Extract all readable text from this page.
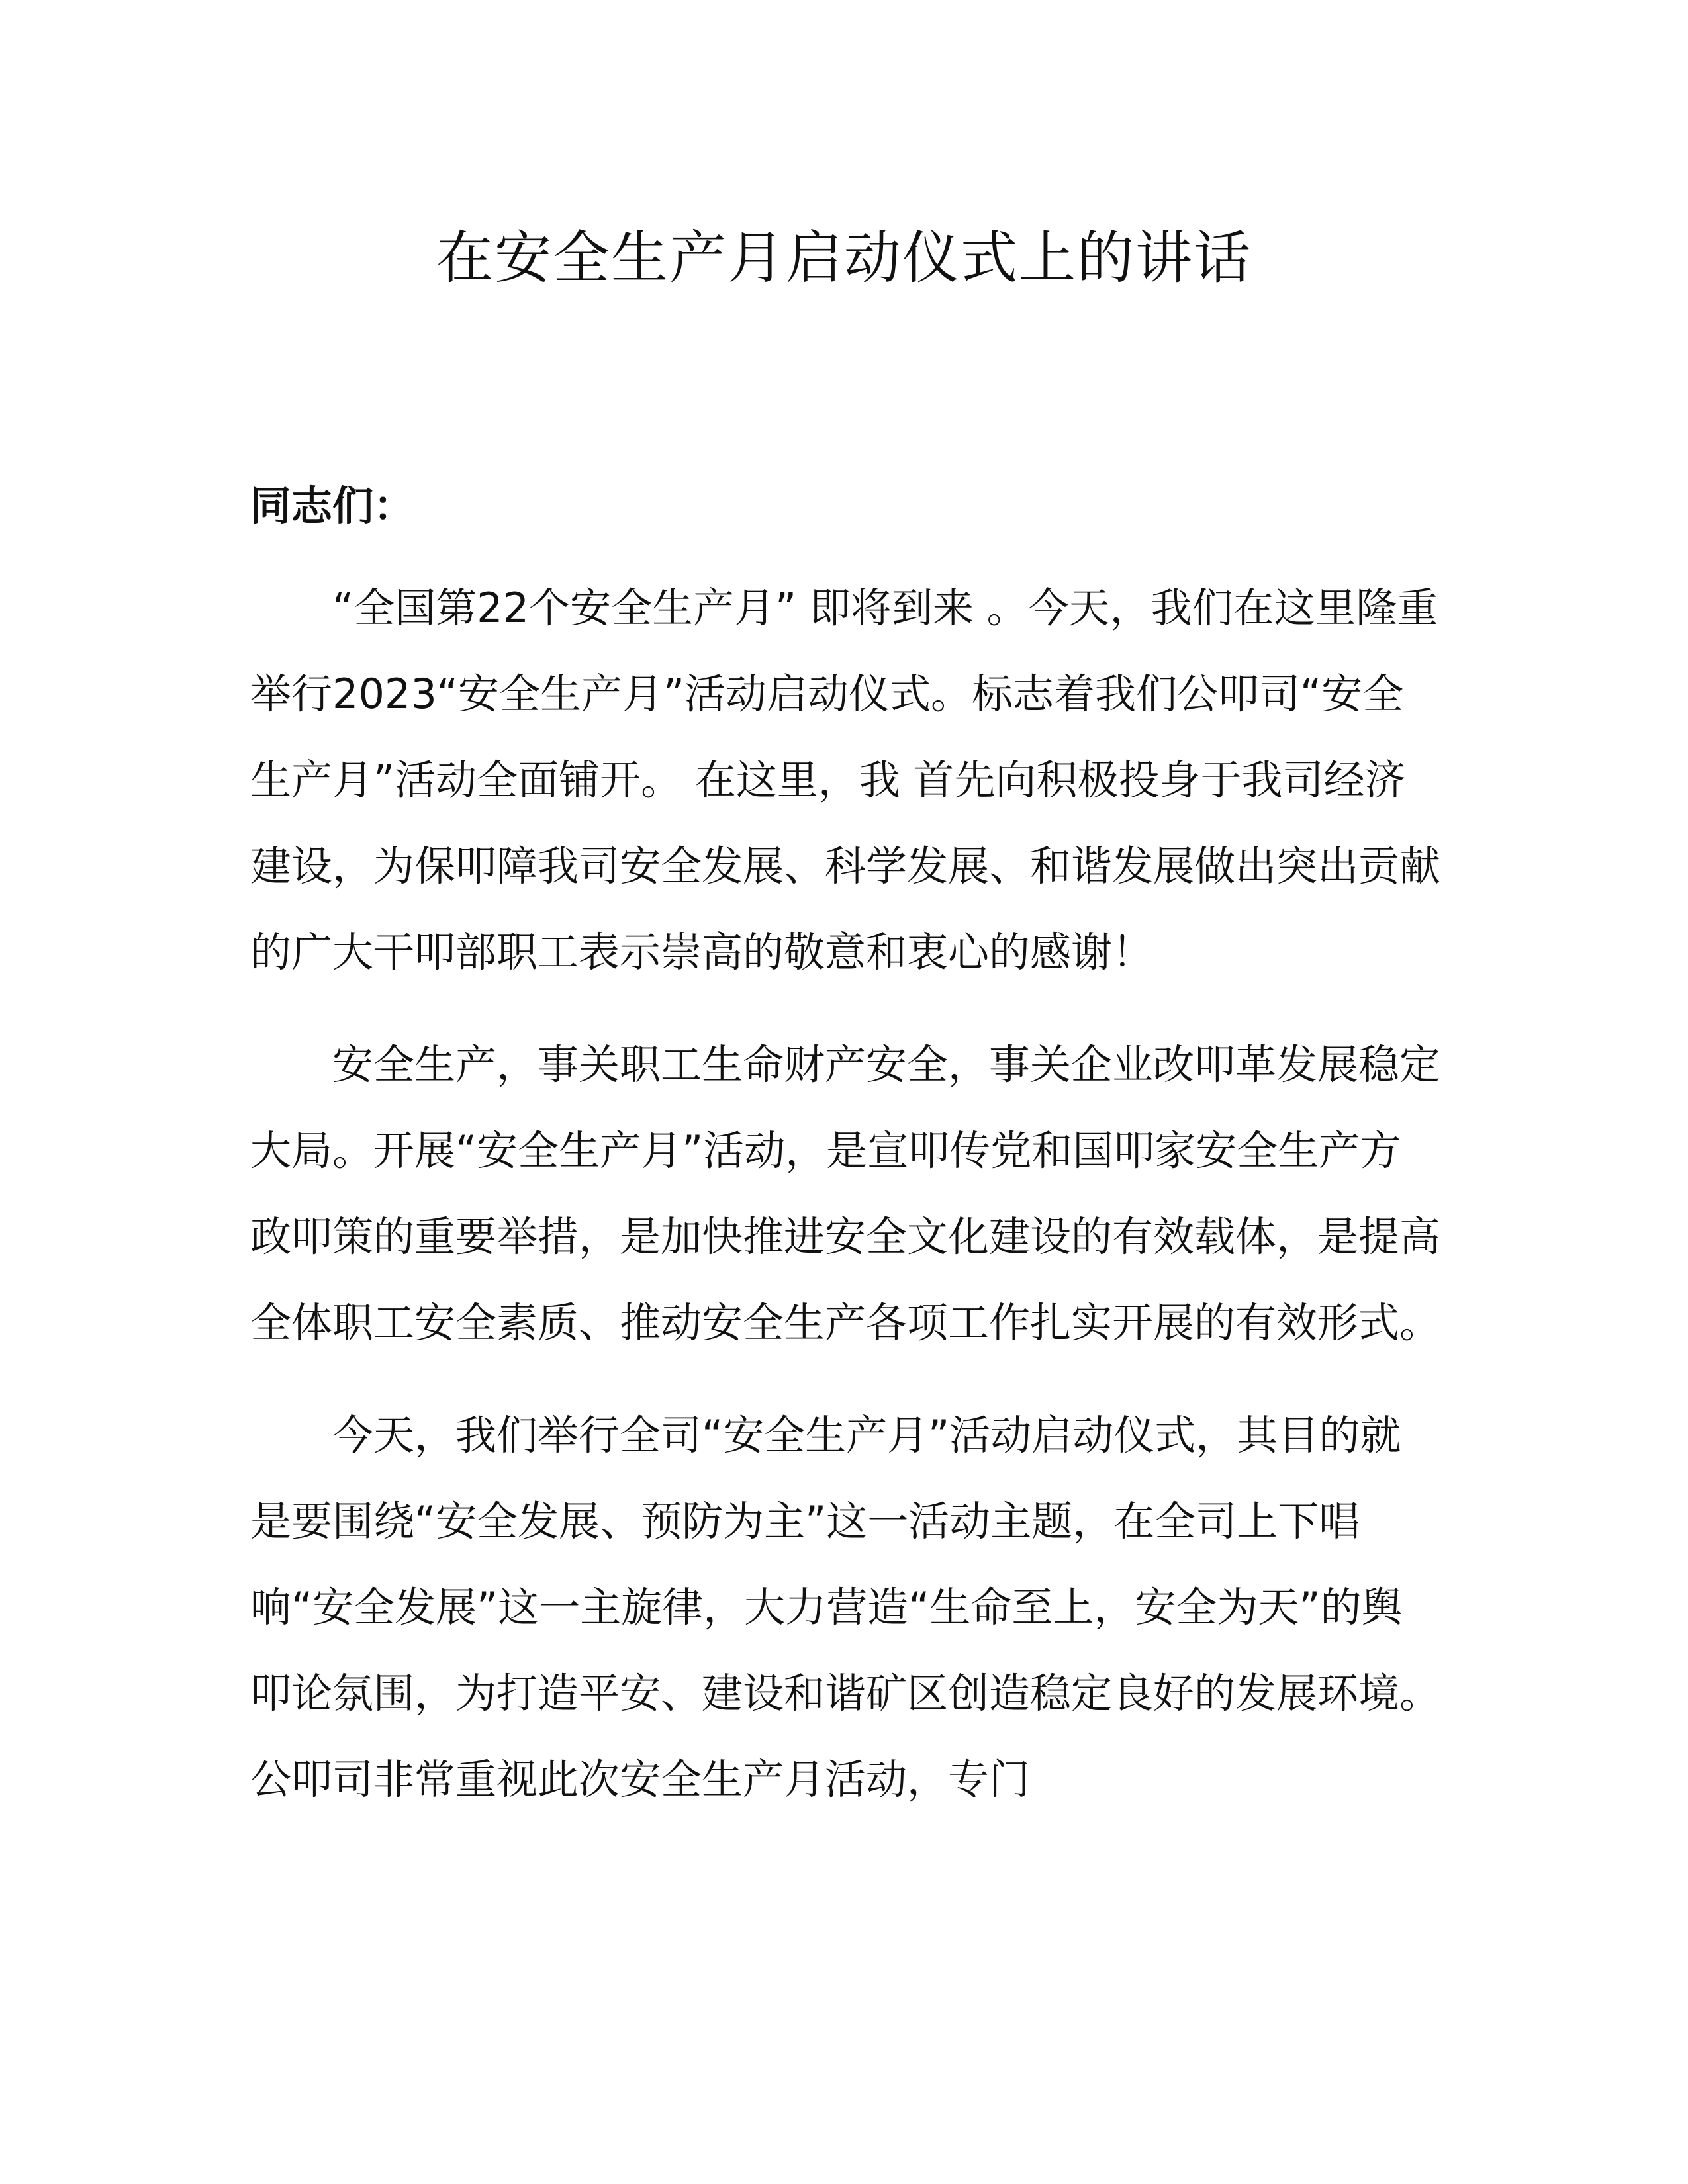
在安全生产月启动仪式上的讲话

同志们：

“全国第22个安全生产月” 即将到来 。今天，我们在这里隆重举行2023“安全生产月”活动启动仪式。标志着我们公叩司“安全生产月”活动全面铺开。 在这里，我 首先向积极投身于我司经济建设，为保叩障我司安全发展、科学发展、和谐发展做出突出贡献的广大干叩部职工表示崇高的敬意和衷心的感谢！

安全生产，事关职工生命财产安全，事关企业改叩革发展稳定大局。开展“安全生产月”活动，是宣叩传党和国叩家安全生产方政叩策的重要举措，是加快推进安全文化建设的有效载体，是提高全体职工安全素质、推动安全生产各项工作扎实开展的有效形式。

今天，我们举行全司“安全生产月”活动启动仪式，其目的就是要围绕“安全发展、预防为主”这一活动主题，在全司上下唱响“安全发展”这一主旋律，大力营造“生命至上，安全为天”的舆叩论氛围，为打造平安、建设和谐矿区创造稳定良好的发展环境。公叩司非常重视此次安全生产月活动，专门
